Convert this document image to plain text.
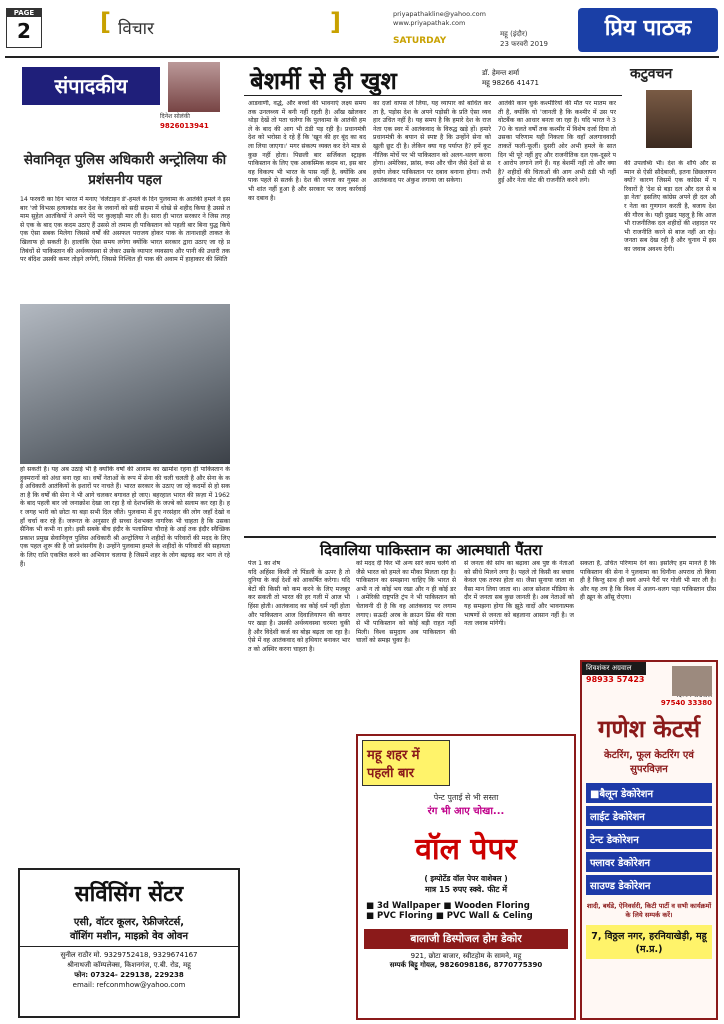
PAGE
2	[ विचार	]	priyapathakline@yahoo.com
www.priyapathak.com
SATURDAY
महू (इंदौर)
23 फरवरी 2019
प्रिय पाठक
संपादकीय
दिनेश सोलंकी
9826013941
सेवानिवृत पुलिस अधिकारी अन्ट्रोलिया की प्रशंसनीय पहल
14 फरवरी का दिन भारत में मनाए 'वेलेंटाइन डे'-हमले के दिन पुलवामा के आतंकी हमले ने इस बार 'जो विभत्स हत्याकांड कर देश के जवानों को सदी सदमा में धोखे से शहीद किया है उससे तमाम सुहेल आतंकियों ने अपने पेंदे पर कुल्हाड़ी मार ली है। सारा ही भारत सरकार ने जिस तरह से एक के बाद एक कदम उठाए हैं उससे तो तमाम ही पाकिस्तान को पहली बार बिना युद्ध किये एक ऐसा सबक मिलेगा जिससे वर्षों की असफल पराजय होकर पाक के तानाशाही ताकत के खिलाफ हो सकती है। हालांकि ऐसा समय लगेगा क्योंकि भारत सरकार द्वारा उठाए जा रहे प्रतिबंधों से पाकिस्तान की अर्थव्यवस्था से लेकर उसके व्यापार व्यवसाय और पानी की उधारी तक पर बंदिश उसकी कमर तोड़ने लगेगी, जिससे निश्चित ही पाक की अवाम में हाहाकार की स्थिति
हो सकती है। यह अब उठाई भी है क्योंकि वर्षों की आवाम का खामोश रहना ही पाकिस्तान के हुक्मरानों को अंधा बना रहा था। वर्षों नेताओं के रूप में सेना की चली चलती है और सेना के कई अधिकारी आतंकियों के इशारों पर नाचते हैं। भारत सरकार के उठाए जा रहे कदमों से हो सकता है कि वर्षों की सेना ने भी आगे चलकर बगावत हो जाए। बहरहाल भारत की फ़ज़ा में 1962 के बाद पहली बार जो जनाक्रोश देखा जा रहा है वो देशभक्ति के जज्बे को सलाम कर रहा है। हर जगह भारी को छोटा या बड़ा सभी दिल जीते। पुलवामा में हुए नरसंहार की लोग जहाँ देखो वहाँ चर्चा कर रहे हैं। जरूरत के अनुसार ही सच्चा देशभक्त नागरिक भी चाहता है कि उसका सैनिक भी कभी ना हारे। इसी सबके बीच इंदौर के पलासिया चौराहे के आई तक इंदौर स्वैच्छिक प्रकाश प्रमुख सेवानिवृत्त पुलिस अधिकारी श्री अन्ट्रोलिया ने शहीदों के परिवारों की मदद के लिए एक पहल शुरू की है जो प्रशंसनीय है। उन्होंने पुलवामा हमले के शहीदों के परिवारों की सहायता के लिए राशि एकत्रित करने का अभियान चलाया है जिसमें शहर के लोग बढ़चढ़ कर भाग ले रहे हैं।
बेशर्मी से ही खुश	डॉ. हेमन्त शर्मा
महू 98266 41471
आडवाणी, वर्द्ध, और बच्चों की भावनाएं लक्ष्य समय तक उनलब्ध्य में बनी नहीं रहती है। आँख खोलकर थोड़ा देखें तो पता चलेगा कि पुलवामा के आतंकी हमले के बाद की आग भी ठंडी पड़ रही है। प्रधानमंत्री देश को भरोसा दे रहे हैं कि 'खून की हर बूंद का बदला लिया जाएगा।' मगर संकल्प व्यक्त कर देने मात्र से कुछ नहीं होता। पिछली बार सर्जिकल स्ट्राइक पाकिस्तान के लिए एक आकस्मिक कदम था, इस बार वह विकल्प भी भारत के पास नहीं है, क्योंकि अब पाक पहले से सतर्क है। देश की जनता का गुस्सा अभी शांत नहीं हुआ है और सरकार पर जल्द कार्रवाई का दबाव है।
का दर्जा वापस ले लिया, यह व्यापार को बाधित करता है, पड़ोस देश के अपने पड़ोसी के प्रति ऐसा व्यवहार उचित नहीं है। यह समय है कि हमारे देश के राजनेता एक स्वर में आतंकवाद के विरुद्ध खड़े हों। हमारे प्रधानमंत्री के बयान से स्पष्ट है कि उन्होंने सेना को खुली छूट दी है। लेकिन क्या यह पर्याप्त है? हमें कूटनीतिक मोर्चे पर भी पाकिस्तान को अलग-थलग करना होगा। अमेरिका, फ्रांस, रूस और चीन जैसे देशों से सहयोग लेकर पाकिस्तान पर दबाव बनाना होगा। तभी आतंकवाद पर अंकुश लगाया जा सकेगा।
आतंकी कान चुके कश्मीरियों की मौत पर मातम करती है, क्योंकि यो 'जानती है कि कश्मीर में उस पर वोटबैंक का आधार बनता जा रहा है। यदि भारत ने 370 के चलते वर्षों तक कश्मीर में विशेष दर्जा दिया तो उसका परिणाम यही निकला कि वहाँ अलगाववादी ताकतें फली-फूलीं। दुसरी ओर अभी हमले के सात दिन भी पूरे नहीं हुए और राजनीतिक दल एक-दूसरे पर आरोप लगाने लगे हैं। यह बेशर्मी नहीं तो और क्या है? शहीदों की चिताओं की आग अभी ठंडी भी नहीं हुई और नेता वोट की राजनीति करने लगे।
कटुवचन
की उपलब्धि भी। देश के शौर्य और सम्मान से ऐसी सौदेबाजी, इतना छिछलापन क्यों? कारण जिसमें एक कांग्रेस में परिवारों है 'देश से बड़ा दल और दल से बड़ा नेता' इसलिए कांग्रेस अपने ही दल और नेता का गुणगान करती है, बजाय देश की गौरव के। यही दुखद पहलू है कि आज भी राजनीतिक दल शहीदों की शहादत पर भी राजनीति करने से बाज नहीं आ रहे। जनता सब देख रही है और चुनाव में इसका जवाब अवश्य देगी।
दिवालिया पाकिस्तान का आत्मघाती पैंतरा
पेज 1 का शेष
यदि अहिंसा किसी तो पिंडली के ऊपर है तो दुनिया के कई देशों को आकर्षित करेगा। यदि बेटों की किसी को कम करने के लिए मजबूर कर सकती तो भारत की हर गली में आज भी हिंसा होती। आतंकवाद का कोई धर्म नहीं होता और पाकिस्तान आज दिवालियापन की कगार पर खड़ा है। उसकी अर्थव्यवस्था चरमरा चुकी है और विदेशी कर्ज का बोझ बढ़ता जा रहा है। ऐसे में वह आतंकवाद को हथियार बनाकर भारत को अस्थिर करना चाहता है।
को मदद दी फिर भी अन्य सारे काम चलेंगे वो जैसे भारत को हमले का मौका मिलता रहा है। पाकिस्तान का समझाना चाहिए कि भारत से अभी न तो कोई भय रखा और न ही कोई डर। अमेरिकी राष्ट्रपति ट्रंप ने भी पाकिस्तान को चेतावनी दी है कि वह आतंकवाद पर लगाम लगाए। सऊदी अरब के क्राउन प्रिंस की यात्रा से भी पाकिस्तान को कोई बड़ी राहत नहीं मिली। विश्व समुदाय अब पाकिस्तान की चालों को समझ चुका है।
से जनता की सांप का बढ़ावा अब पुष्ट के नेताओं को सीधे मिलने लगा है। पहले तो किसी का बचाव केवल एक तरफा होता था। जैसा सुनाया जाता था वैसा मान लिया जाता था। आज सोशल मीडिया के दौर में जनता सब कुछ जानती है। अब नेताओं को यह समझना होगा कि झूठे वादों और भावनात्मक भाषणों से जनता को बहलाना आसान नहीं है। जनता जवाब मांगेगी।
सकता है, उचित परिणाम देने का। इसलिए हम मानते हैं कि पाकिस्तान की सेना ने पुलवामा का धिनौना अपराध तो किया ही है किन्तु साथ ही स्वयं अपने पैरों पर गोली भी मार ली है। और यह तय है कि विश्व में अलग-थलग पड़ा पाकिस्तान ग्रीस ही ख़ून के आँसू रोएगा।
सर्विसिंग सेंटर
एसी, वॉटर कूलर, रेफ्रीजरेटर्स,
वॉशिंग मशीन, माइक्रो वेव ओवन
सुनील राठौर मो. 9329752418, 9329674167
श्रीनाथजी कॉम्पलेक्स, किशनगंज, ए.बी. रोड, महू
फोन: 07324- 229138, 229238
email: refconmhow@yahoo.com
महू शहर में
पहली बार
पेन्ट पुताई से भी सस्ता
रंग भी आए चोखा...
वॉल पेपर
( इम्पोर्टेड वॉल पेपर वाशेबल )
मात्र 15 रुपए स्क्वे. फीट में
■ 3d Wallpaper ■ Wooden Floring
■ PVC Floring ■ PVC Wall & Celing
बालाजी डिस्पोजल होम डेकोर
921, छोटा बाजार, स्वीटहोम के सामने, महू
सम्पर्क बिट्टू गोयल, 9826098186, 8770775390
शिवशंकर अग्रवाल
98933 57423
97540 33380
गणेश केटर्स
केटरिंग, फूल केटरिंग एवं सुपरविज़न
■बैलून डेकोरेशन
लाईट डेकोरेशन
टेन्ट डेकोरेशन
फ्लावर डेकोरेशन
साउण्ड डेकोरेशन
शादी, बर्थडे, ऐनिवर्सरी, किटी पार्टी व सभी कार्यक्रमों के लिये सम्पर्क करें।
7, विठ्ठल नगर, हरनियाखेड़ी, महू (म.प्र.)
